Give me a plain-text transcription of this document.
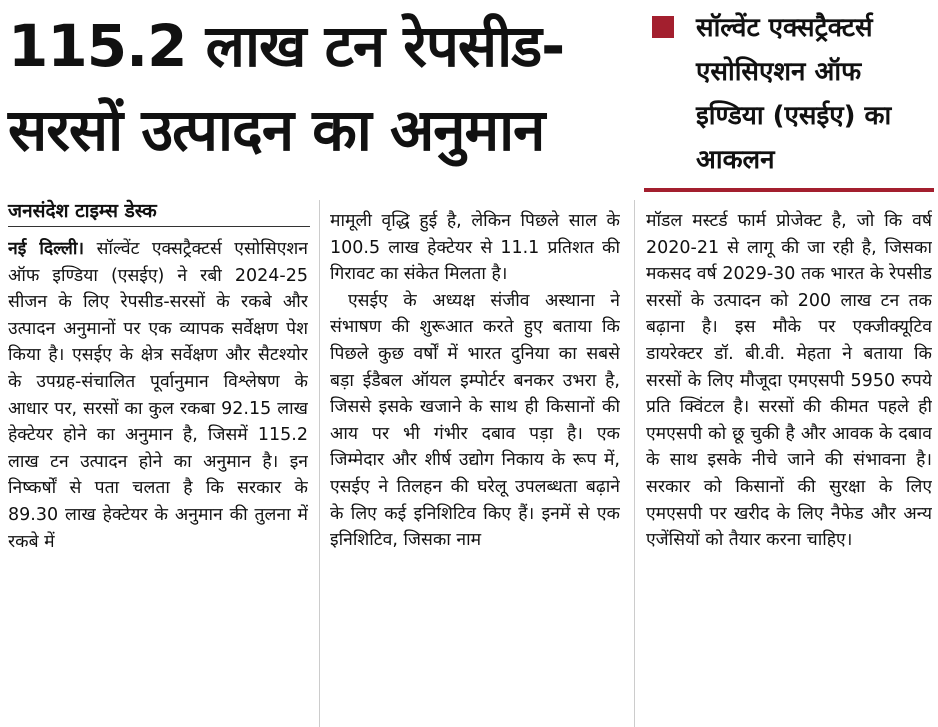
115.2 लाख टन रेपसीड-
सरसों उत्पादन का अनुमान
सॉल्वेंट एक्सट्रैक्टर्स एसोसिएशन ऑफ इण्डिया (एसईए) का आकलन
जनसंदेश टाइम्स डेस्क

नई दिल्ली। सॉल्वेंट एक्सट्रैक्टर्स एसोसिएशन ऑफ इण्डिया (एसईए) ने रबी 2024-25 सीजन के लिए रेपसीड-सरसों के रकबे और उत्पादन अनुमानों पर एक व्यापक सर्वेक्षण पेश किया है। एसईए के क्षेत्र सर्वेक्षण और सैटश्योर के उपग्रह-संचालित पूर्वानुमान विश्लेषण के आधार पर, सरसों का कुल रकबा 92.15 लाख हेक्टेयर होने का अनुमान है, जिसमें 115.2 लाख टन उत्पादन होने का अनुमान है। इन निष्कर्षों से पता चलता है कि सरकार के 89.30 लाख हेक्टेयर के अनुमान की तुलना में रकबे में

मामूली वृद्धि हुई है, लेकिन पिछले साल के 100.5 लाख हेक्टेयर से 11.1 प्रतिशत की गिरावट का संकेत मिलता है।

एसईए के अध्यक्ष संजीव अस्थाना ने संभाषण की शुरूआत करते हुए बताया कि पिछले कुछ वर्षों में भारत दुनिया का सबसे बड़ा ईडैबल ऑयल इम्पोर्टर बनकर उभरा है, जिससे इसके खजाने के साथ ही किसानों की आय पर भी गंभीर दबाव पड़ा है। एक जिम्मेदार और शीर्ष उद्योग निकाय के रूप में, एसईए ने तिलहन की घरेलू उपलब्धता बढ़ाने के लिए कई इनिशिटिव किए हैं। इनमें से एक इनिशिटिव, जिसका नाम

मॉडल मस्टर्ड फार्म प्रोजेक्ट है, जो कि वर्ष 2020-21 से लागू की जा रही है, जिसका मकसद वर्ष 2029-30 तक भारत के रेपसीड सरसों के उत्पादन को 200 लाख टन तक बढ़ाना है। इस मौके पर एक्जीक्यूटिव डायरेक्टर डॉ. बी.वी. मेहता ने बताया कि सरसों के लिए मौजूदा एमएसपी 5950 रुपये प्रति क्विंटल है। सरसों की कीमत पहले ही एमएसपी को छू चुकी है और आवक के दबाव के साथ इसके नीचे जाने की संभावना है। सरकार को किसानों की सुरक्षा के लिए एमएसपी पर खरीद के लिए नैफेड और अन्य एजेंसियों को तैयार करना चाहिए।
